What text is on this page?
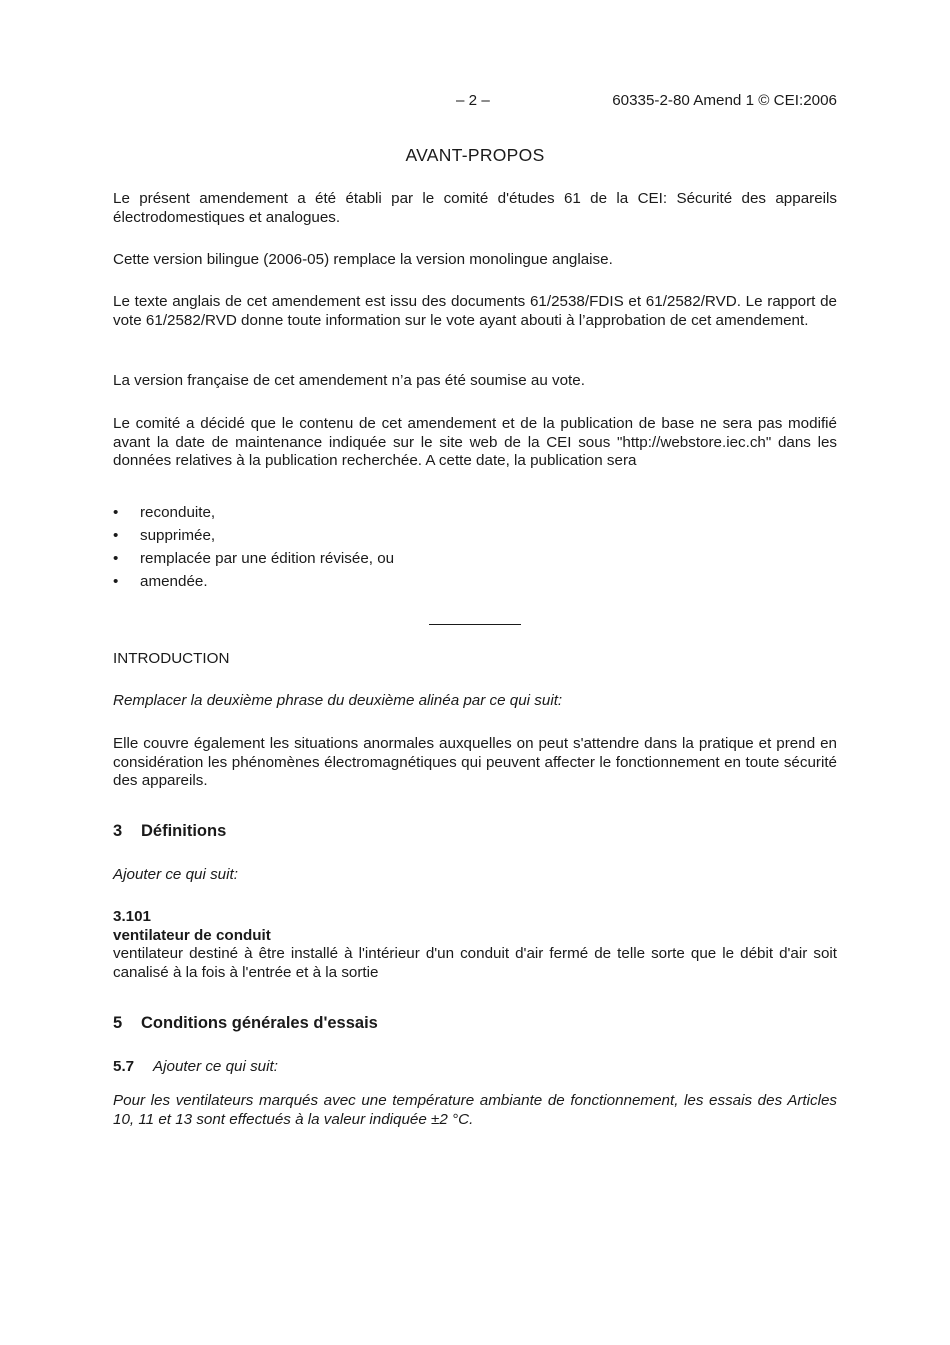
– 2 –	60335-2-80 Amend 1 © CEI:2006
AVANT-PROPOS

Le présent amendement a été établi par le comité d'études 61 de la CEI: Sécurité des appareils électrodomestiques et analogues.

Cette version bilingue (2006-05) remplace la version monolingue anglaise.

Le texte anglais de cet amendement est issu des documents 61/2538/FDIS et 61/2582/RVD. Le rapport de vote 61/2582/RVD donne toute information sur le vote ayant abouti à l’approbation de cet amendement.

La version française de cet amendement n’a pas été soumise au vote.

Le comité a décidé que le contenu de cet amendement et de la publication de base ne sera pas modifié avant la date de maintenance indiquée sur le site web de la CEI sous "http://webstore.iec.ch" dans les données relatives à la publication recherchée. A cette date, la publication sera

•	reconduite,
•	supprimée,
•	remplacée par une édition révisée, ou
•	amendée.

INTRODUCTION

Remplacer la deuxième phrase du deuxième alinéa par ce qui suit:

Elle couvre également les situations anormales auxquelles on peut s'attendre dans la pratique et prend en considération les phénomènes électromagnétiques qui peuvent affecter le fonctionnement en toute sécurité des appareils.

3 Définitions

Ajouter ce qui suit:

3.101
ventilateur de conduit

ventilateur destiné à être installé à l'intérieur d'un conduit d'air fermé de telle sorte que le débit d'air soit canalisé à la fois à l'entrée et à la sortie

5 Conditions générales d'essais
5.7 Ajouter ce qui suit:

Pour les ventilateurs marqués avec une température ambiante de fonctionnement, les essais des Articles 10, 11 et 13 sont effectués à la valeur indiquée ±2 °C.
